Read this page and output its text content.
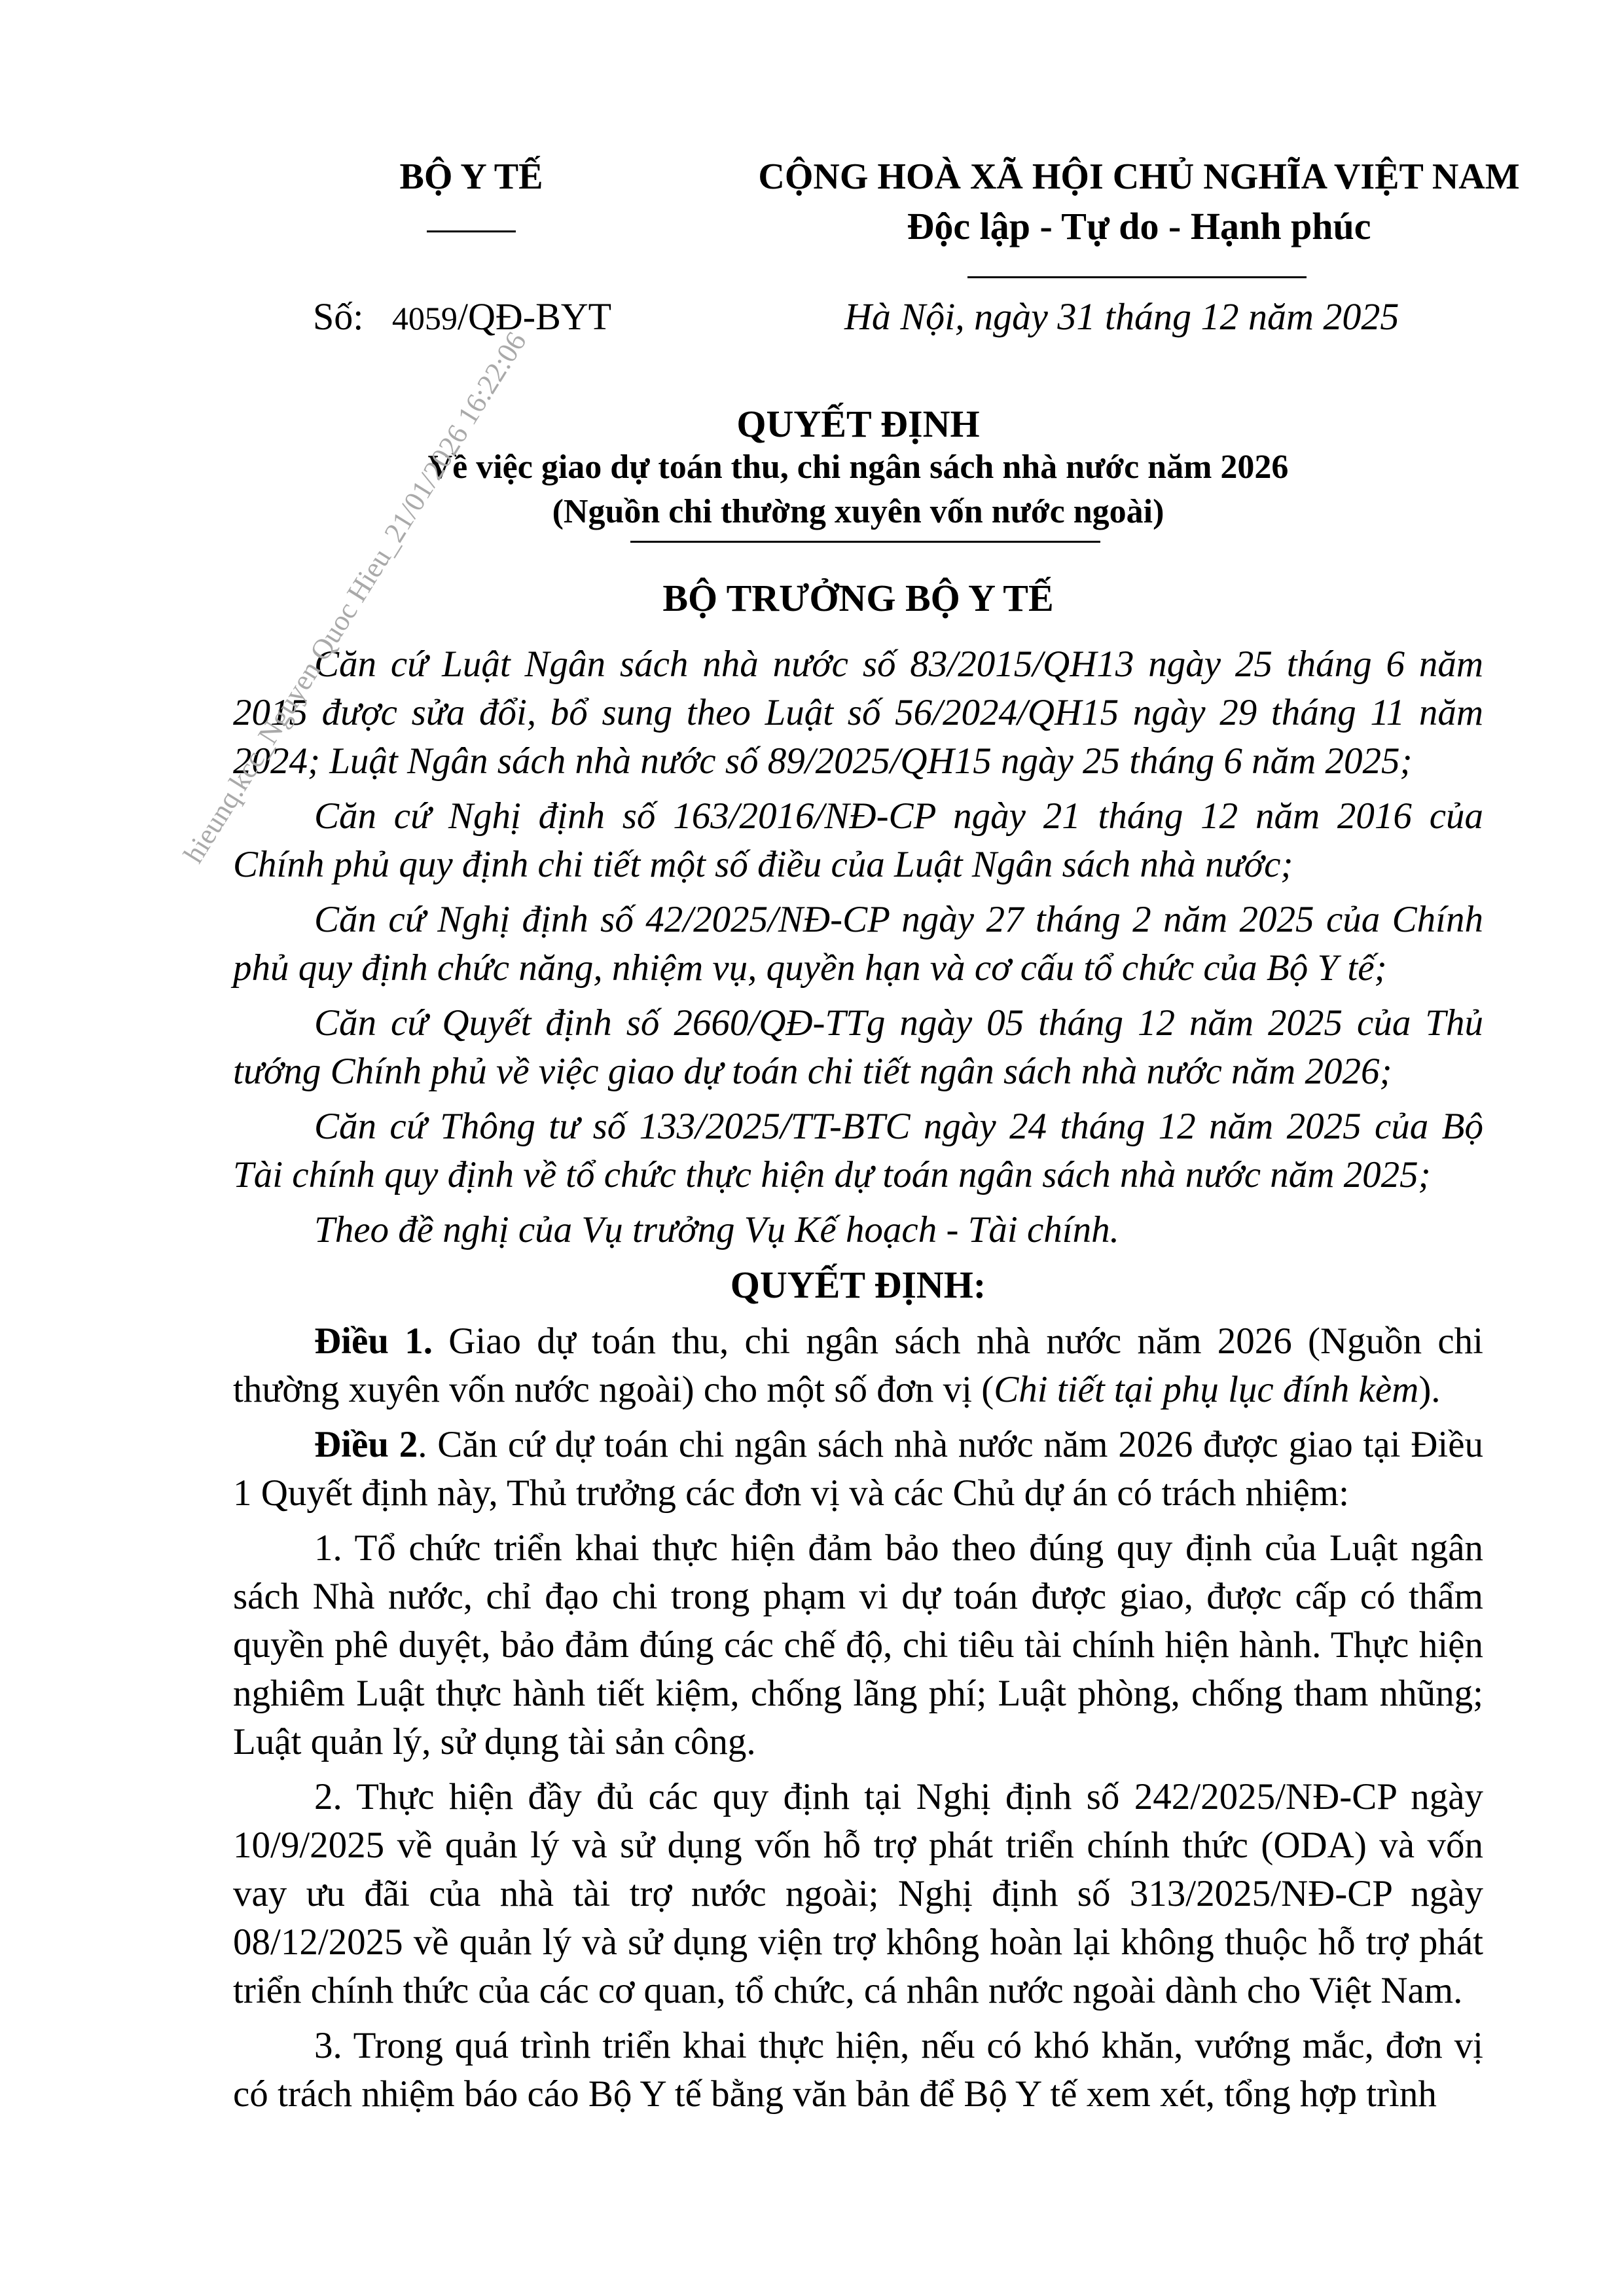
BỘ Y TẾ	CỘNG HOÀ XÃ HỘI CHỦ NGHĨA VIỆT NAM
Độc lập - Tự do - Hạnh phúc
Số: 4059/QĐ-BYT	Hà Nội, ngày 31 tháng 12 năm 2025
QUYẾT ĐỊNH
Về việc giao dự toán thu, chi ngân sách nhà nước năm 2026
(Nguồn chi thường xuyên vốn nước ngoài)
BỘ TRƯỞNG BỘ Y TẾ

Căn cứ Luật Ngân sách nhà nước số 83/2015/QH13 ngày 25 tháng 6 năm 2015 được sửa đổi, bổ sung theo Luật số 56/2024/QH15 ngày 29 tháng 11 năm 2024; Luật Ngân sách nhà nước số 89/2025/QH15 ngày 25 tháng 6 năm 2025;

Căn cứ Nghị định số 163/2016/NĐ-CP ngày 21 tháng 12 năm 2016 của Chính phủ quy định chi tiết một số điều của Luật Ngân sách nhà nước;

Căn cứ Nghị định số 42/2025/NĐ-CP ngày 27 tháng 2 năm 2025 của Chính phủ quy định chức năng, nhiệm vụ, quyền hạn và cơ cấu tổ chức của Bộ Y tế;

Căn cứ Quyết định số 2660/QĐ-TTg ngày 05 tháng 12 năm 2025 của Thủ tướng Chính phủ về việc giao dự toán chi tiết ngân sách nhà nước năm 2026;

Căn cứ Thông tư số 133/2025/TT-BTC ngày 24 tháng 12 năm 2025 của Bộ Tài chính quy định về tổ chức thực hiện dự toán ngân sách nhà nước năm 2025;

Theo đề nghị của Vụ trưởng Vụ Kế hoạch - Tài chính.

QUYẾT ĐỊNH:

Điều 1. Giao dự toán thu, chi ngân sách nhà nước năm 2026 (Nguồn chi thường xuyên vốn nước ngoài) cho một số đơn vị (Chi tiết tại phụ lục đính kèm).

Điều 2. Căn cứ dự toán chi ngân sách nhà nước năm 2026 được giao tại Điều 1 Quyết định này, Thủ trưởng các đơn vị và các Chủ dự án có trách nhiệm:

1. Tổ chức triển khai thực hiện đảm bảo theo đúng quy định của Luật ngân sách Nhà nước, chỉ đạo chi trong phạm vi dự toán được giao, được cấp có thẩm quyền phê duyệt, bảo đảm đúng các chế độ, chi tiêu tài chính hiện hành. Thực hiện nghiêm Luật thực hành tiết kiệm, chống lãng phí; Luật phòng, chống tham nhũng; Luật quản lý, sử dụng tài sản công.

2. Thực hiện đầy đủ các quy định tại Nghị định số 242/2025/NĐ-CP ngày 10/9/2025 về quản lý và sử dụng vốn hỗ trợ phát triển chính thức (ODA) và vốn vay ưu đãi của nhà tài trợ nước ngoài; Nghị định số 313/2025/NĐ-CP ngày 08/12/2025 về quản lý và sử dụng viện trợ không hoàn lại không thuộc hỗ trợ phát triển chính thức của các cơ quan, tổ chức, cá nhân nước ngoài dành cho Việt Nam.

3. Trong quá trình triển khai thực hiện, nếu có khó khăn, vướng mắc, đơn vị có trách nhiệm báo cáo Bộ Y tế bằng văn bản để Bộ Y tế xem xét, tổng hợp trình

hieunq.kcc_Nguyen Quoc Hieu_21/01/2026 16:22:06
